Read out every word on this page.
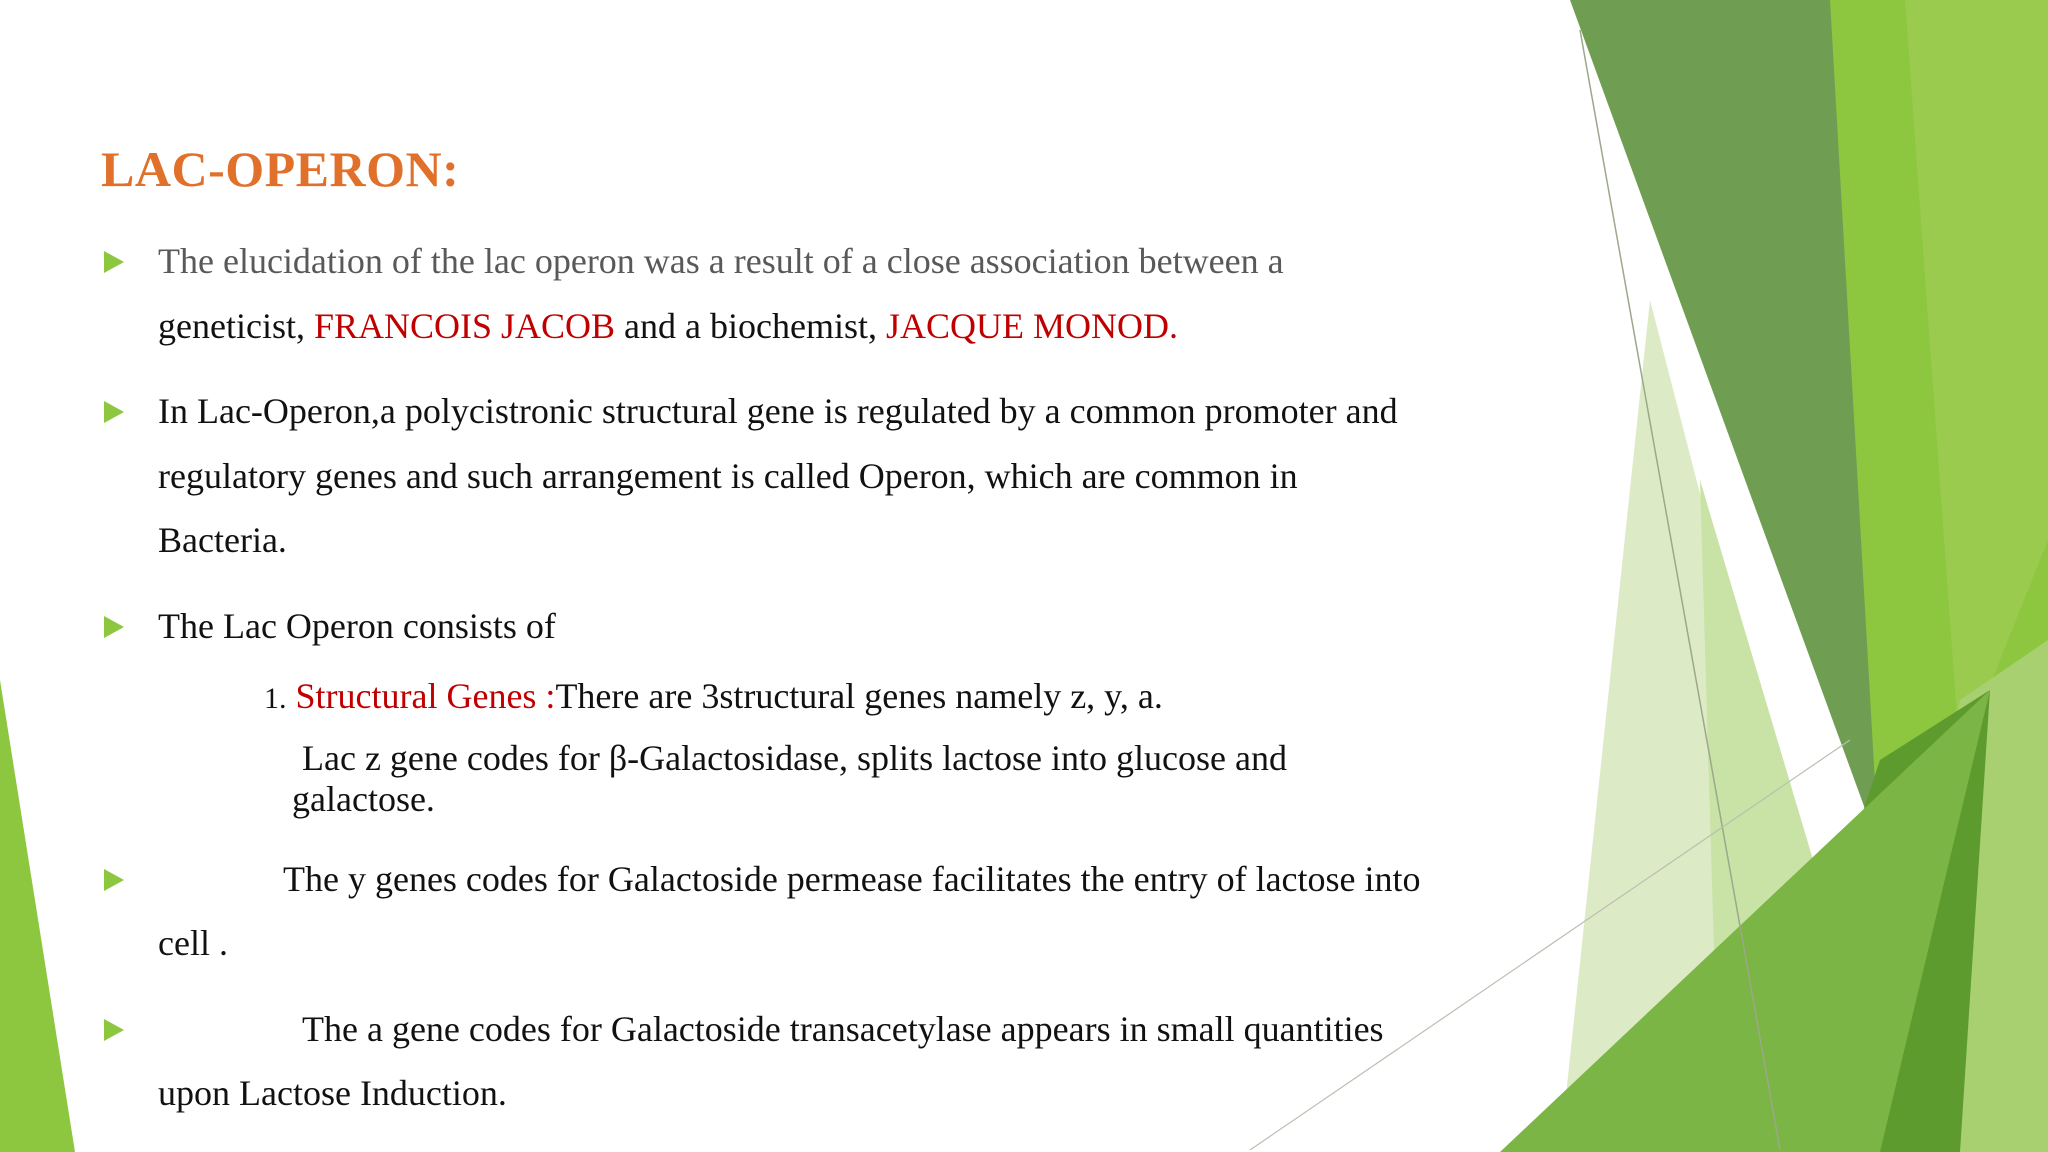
LAC-OPERON:
The elucidation of the lac operon was a result of a close association between a
geneticist, FRANCOIS JACOB and a biochemist, JACQUE MONOD.
In Lac-Operon,a polycistronic structural gene is regulated by a common promoter and
regulatory genes and such arrangement is called Operon, which are common in
Bacteria.
The Lac Operon consists of
1. Structural Genes :There are 3structural genes namely z, y, a.
Lac z gene codes for β-Galactosidase, splits lactose into glucose and
galactose.
The y genes codes for Galactoside permease facilitates the entry of lactose into
cell .
The a gene codes for Galactoside transacetylase appears in small quantities
upon Lactose Induction.
